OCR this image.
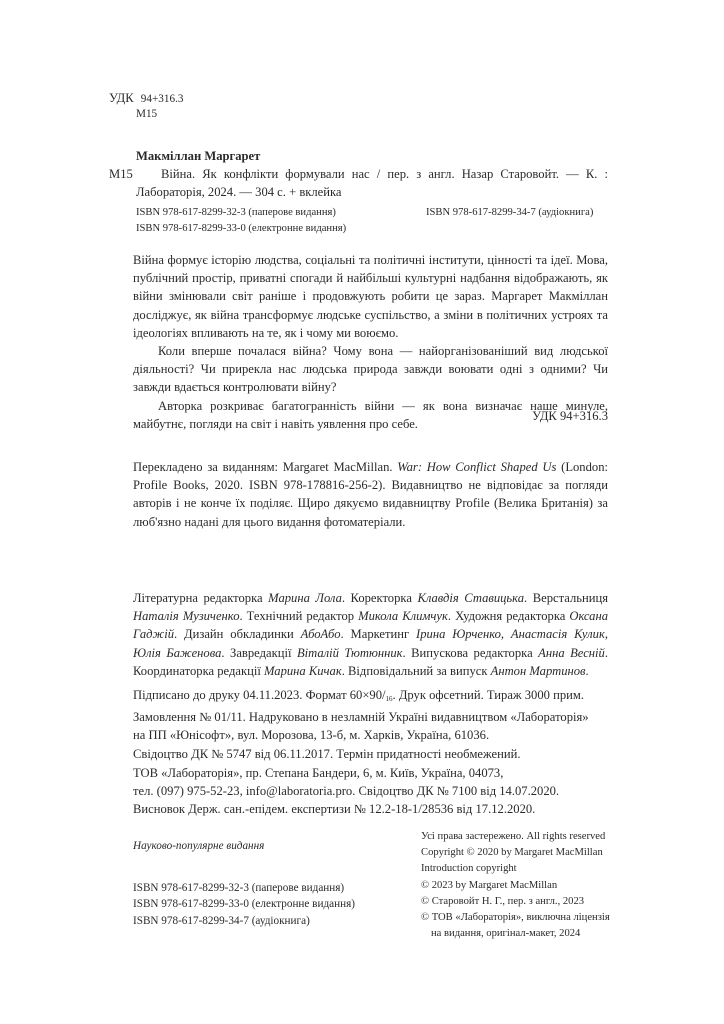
УДК 94+316.3
М15
Макміллан Маргарет
М15	Війна. Як конфлікти формували нас / пер. з англ. Назар Старовойт. — К. : Лабораторія, 2024. — 304 с. + вклейка

ISBN 978-617-8299-32-3 (паперове видання)
ISBN 978-617-8299-33-0 (електронне видання)
ISBN 978-617-8299-34-7 (аудіокнига)

Війна формує історію людства, соціальні та політичні інститути, цінності та ідеї. Мова, публічний простір, приватні спогади й найбільші культурні надбання відображають, як війни змінювали світ раніше і продовжують робити це зараз. Маргарет Макміллан досліджує, як війна трансформує людське суспільство, а зміни в політичних устроях та ідеологіях впливають на те, як і чому ми воюємо.

Коли вперше почалася війна? Чому вона — найорганізованіший вид людської діяльності? Чи прирекла нас людська природа завжди воювати одні з одними? Чи завжди вдається контролювати війну?

Авторка розкриває багатогранність війни — як вона визначає наше минуле, майбутнє, погляди на світ і навіть уявлення про себе.

УДК 94+316.3

Перекладено за виданням: Margaret MacMillan. War: How Conflict Shaped Us (London: Profile Books, 2020. ISBN 978-178816-256-2). Видавництво не відповідає за погляди авторів і не конче їх поділяє. Щиро дякуємо видавництву Profile (Велика Британія) за люб'язно надані для цього видання фотоматеріали.

Літературна редакторка Марина Лола. Коректорка Клавдія Ставицька. Верстальниця Наталія Музиченко. Технічний редактор Микола Климчук. Художня редакторка Оксана Гаджій. Дизайн обкладинки АбоАбо. Маркетинг Ірина Юрченко, Анастасія Кулик, Юлія Баженова. Завредакції Віталій Тютюнник. Випускова редакторка Анна Весній. Координаторка редакції Марина Кичак. Відповідальний за випуск Антон Мартинов.

Підписано до друку 04.11.2023. Формат $60\times 90/_{16}$. Друк офсетний. Тираж 3000 прим.
Замовлення № 01/11. Надруковано в незламній Україні видавництвом «Лабораторія»
на ПП «Юнісофт», вул. Морозова, 13-б, м. Харків, Україна, 61036.
Свідоцтво ДК № 5747 від 06.11.2017. Термін придатності необмежений.
ТОВ «Лабораторія», пр. Степана Бандери, 6, м. Київ, Україна, 04073,
тел. (097) 975-52-23, info@laboratoria.pro. Свідоцтво ДК № 7100 від 14.07.2020.
Висновок Держ. сан.-епідем. експертизи № 12.2-18-1/28536 від 17.12.2020.
Науково-популярне видання
ISBN 978-617-8299-32-3 (паперове видання)
ISBN 978-617-8299-33-0 (електронне видання)
ISBN 978-617-8299-34-7 (аудіокнига)
Усі права застережено. All rights reserved
Copyright © 2020 by Margaret MacMillan
Introduction copyright
© 2023 by Margaret MacMillan
© Старовойт Н. Г., пер. з англ., 2023
© ТОВ «Лабораторія», виключна ліцензія
на видання, оригінал-макет, 2024
